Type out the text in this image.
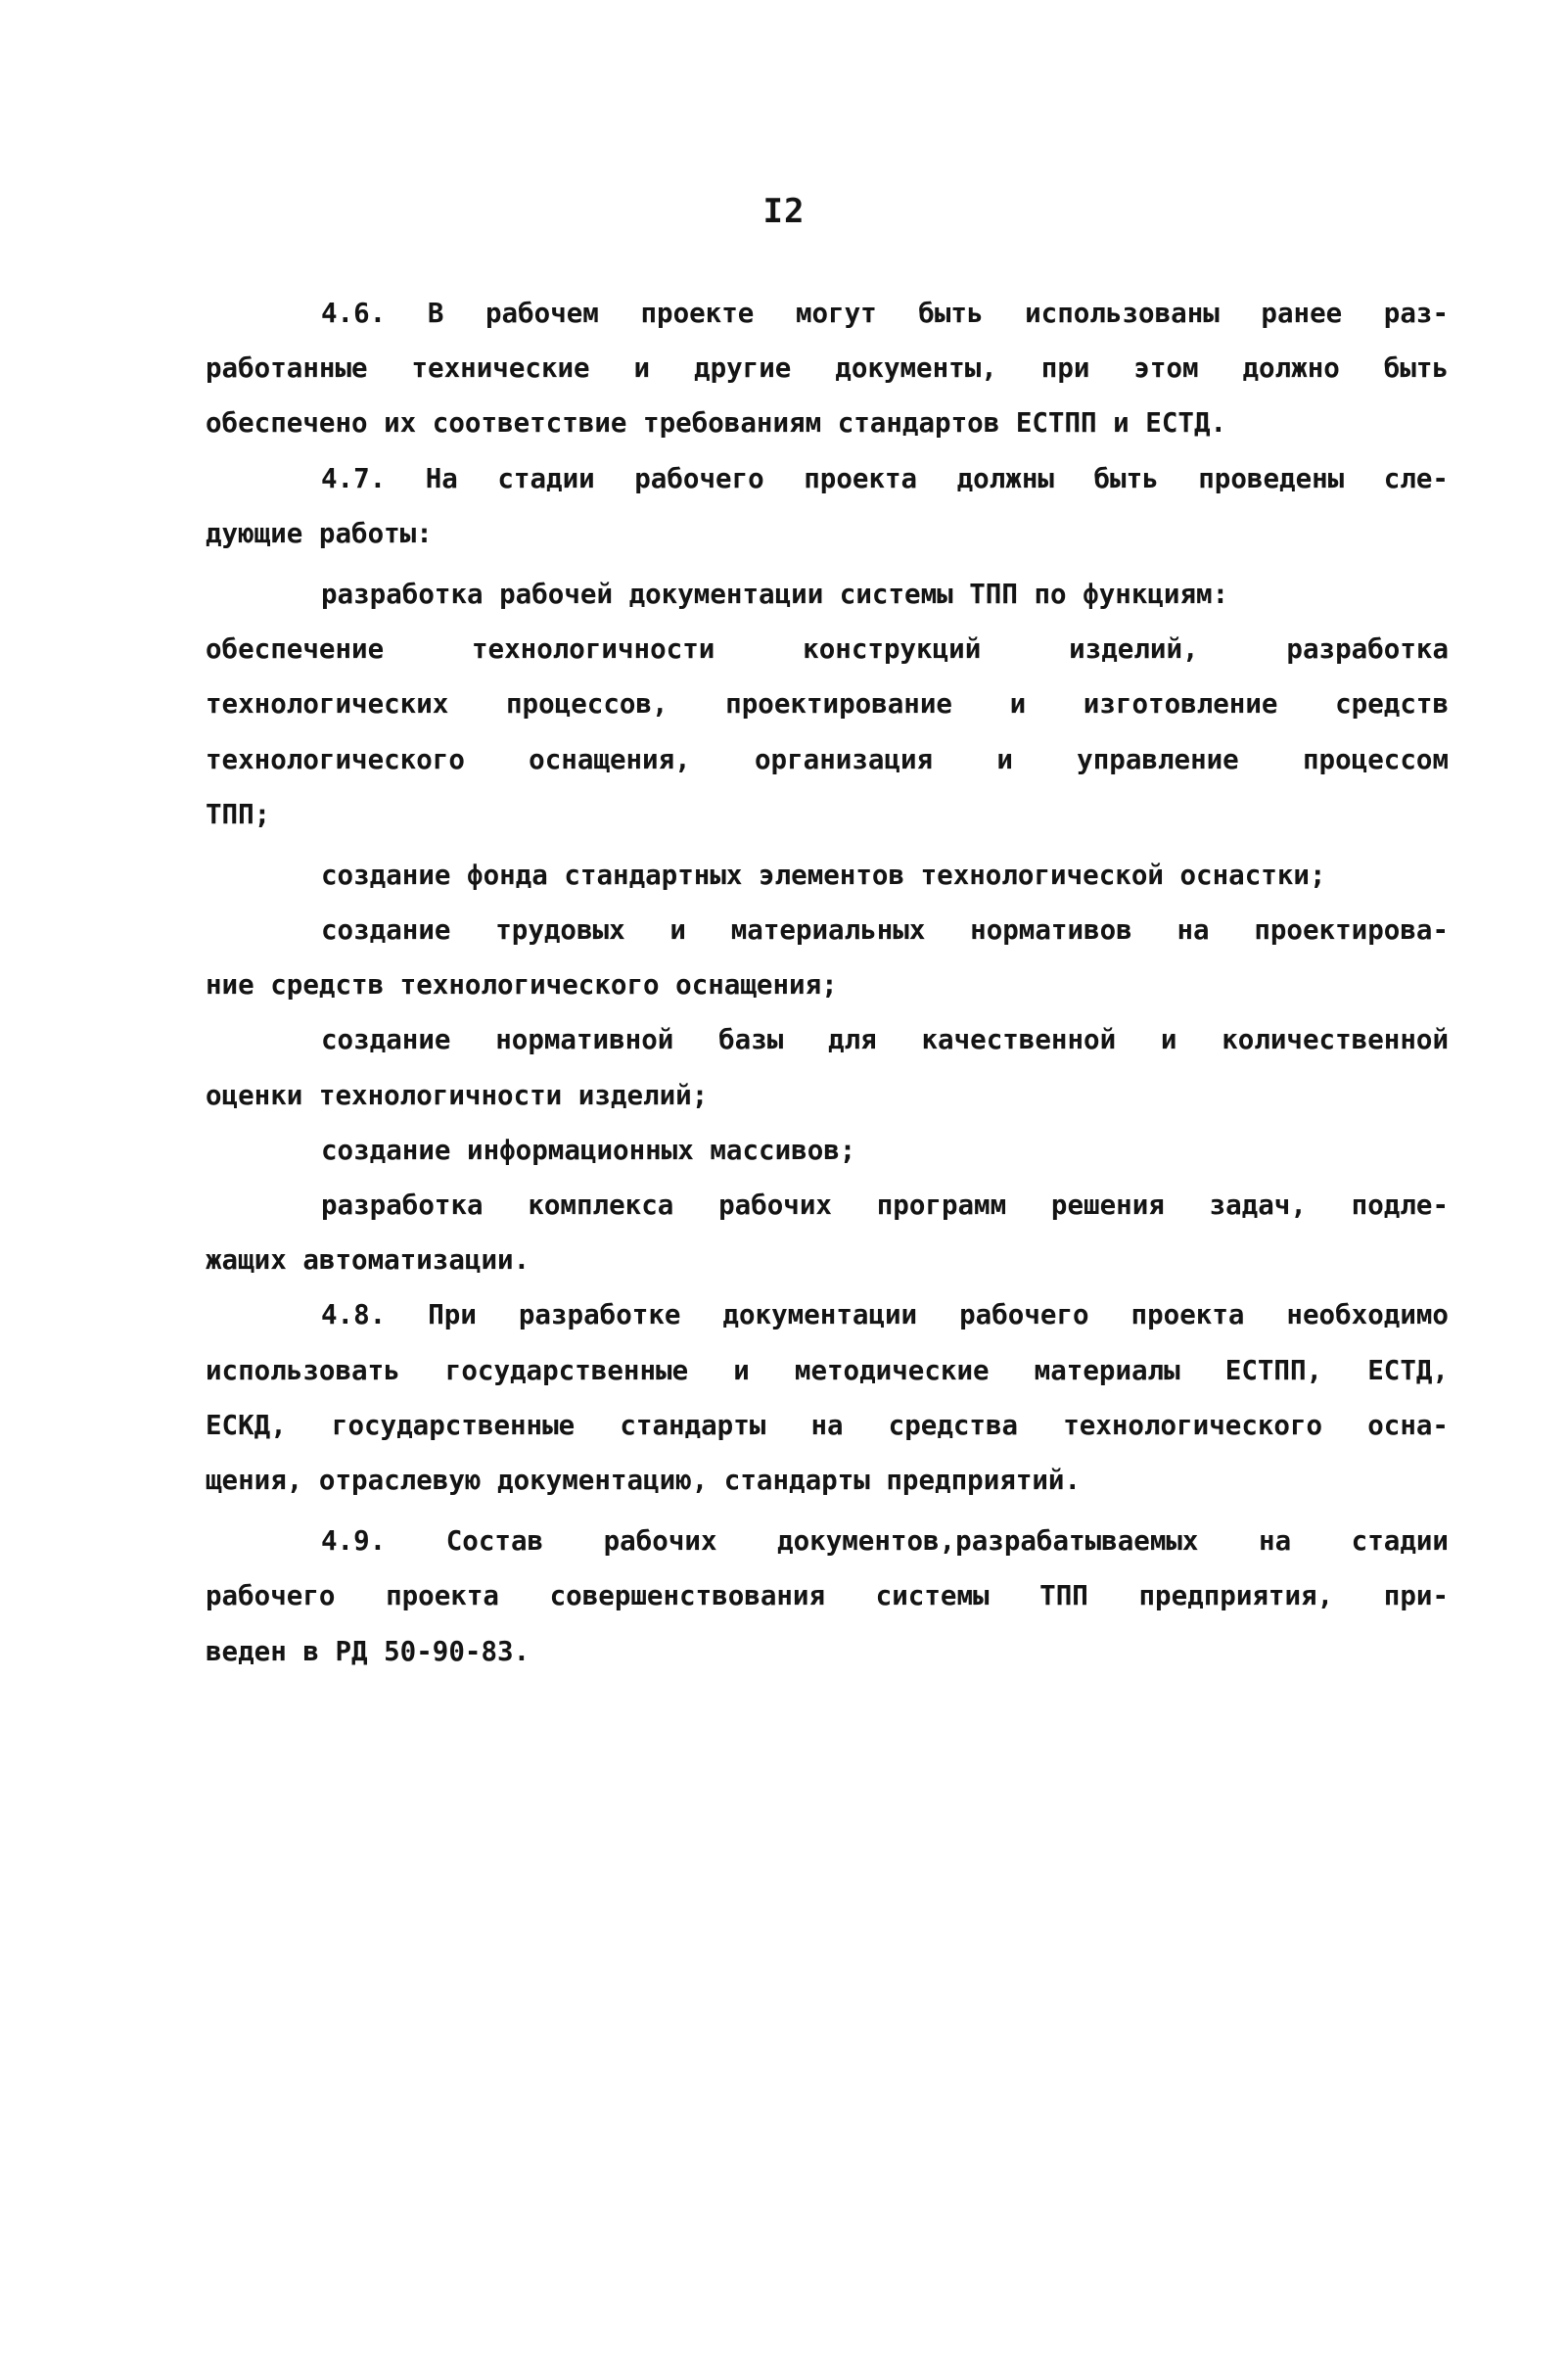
I2
4.6. В рабочем проекте могут быть использованы ранее раз-
работанные технические и другие документы, при этом должно быть
обеспечено их соответствие требованиям стандартов ЕСТПП и ЕСТД.
4.7. На стадии рабочего проекта должны быть проведены сле-
дующие работы:
разработка рабочей документации системы ТПП по функциям:
обеспечение технологичности конструкций изделий, разработка
технологических процессов, проектирование и изготовление средств
технологического оснащения, организация и управление процессом
ТПП;
создание фонда стандартных элементов технологической оснастки;
создание трудовых и материальных нормативов на проектирова-
ние средств технологического оснащения;
создание нормативной базы для качественной и количественной
оценки технологичности изделий;
создание информационных массивов;
разработка комплекса рабочих программ решения задач, подле-
жащих автоматизации.
4.8. При разработке документации рабочего проекта необходимо
использовать государственные и методические материалы ЕСТПП, ЕСТД,
ЕСКД, государственные стандарты на средства технологического осна-
щения, отраслевую документацию, стандарты предприятий.
4.9. Состав рабочих документов,разрабатываемых на стадии
рабочего проекта совершенствования системы ТПП предприятия, при-
веден в РД 50-90-83.
